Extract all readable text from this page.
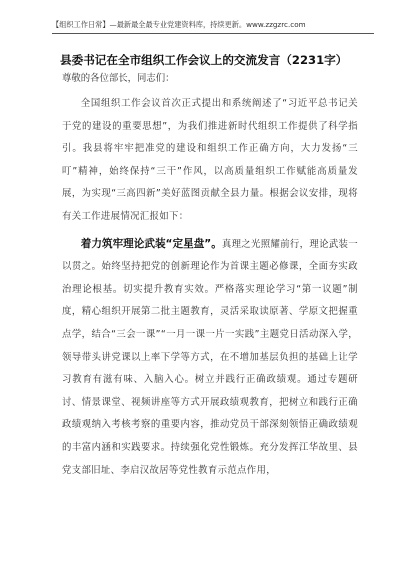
【组织工作日常】—最新最全最专业党建资料库，持续更新。www.zzgzrc.com
县委书记在全市组织工作会议上的交流发言（2231字）
尊敬的各位部长，同志们：

全国组织工作会议首次正式提出和系统阐述了“习近平总书记关于党的建设的重要思想”，为我们推进新时代组织工作提供了科学指引。我县将牢牢把准党的建设和组织工作正确方向，大力发扬“三叮”精神，始终保持“三干”作风，以高质量组织工作赋能高质量发展，为实现“三高四新”美好蓝图贡献全县力量。根据会议安排，现将有关工作进展情况汇报如下：

着力筑牢理论武装“定星盘”。真理之光照耀前行，理论武装一以贯之。始终坚持把党的创新理论作为首课主题必修课，全面夯实政治理论根基。切实提升教育实效。严格落实理论学习“第一议题”制度，精心组织开展第二批主题教育，灵活采取读原著、学原文把握重点学，结合“三会一课”“一月一课一片一实践”主题党日活动深入学，领导带头讲党课以上率下学等方式，在不增加基层负担的基础上让学习教育有滋有味、入脑入心。树立并践行正确政绩观。通过专题研讨、情景课堂、视频讲座等方式开展政绩观教育，把树立和践行正确政绩观纳入考核考察的重要内容，推动党员干部深刻领悟正确政绩观的丰富内涵和实践要求。持续强化党性锻炼。充分发挥江华故里、县党支部旧址、李启汉故居等党性教育示范点作用，
